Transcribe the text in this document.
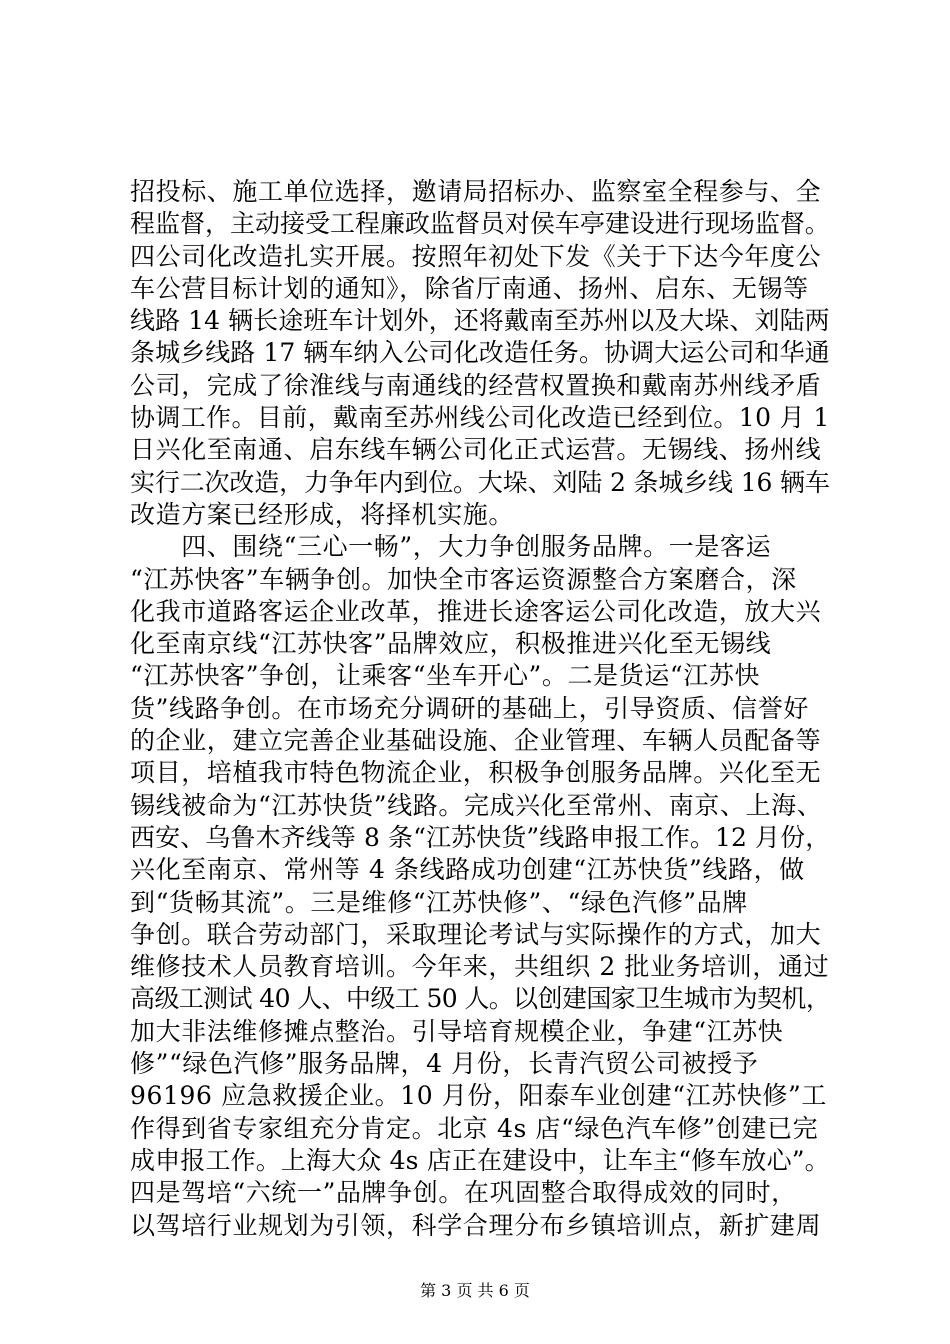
招投标、施工单位选择，邀请局招标办、监察室全程参与、全
程监督，主动接受工程廉政监督员对侯车亭建设进行现场监督。
四公司化改造扎实开展。按照年初处下发《关于下达今年度公
车公营目标计划的通知》，除省厅南通、扬州、启东、无锡等
线路 14 辆长途班车计划外，还将戴南至苏州以及大垛、刘陆两
条城乡线路 17 辆车纳入公司化改造任务。协调大运公司和华通
公司，完成了徐淮线与南通线的经营权置换和戴南苏州线矛盾
协调工作。目前，戴南至苏州线公司化改造已经到位。10 月 1
日兴化至南通、启东线车辆公司化正式运营。无锡线、扬州线
实行二次改造，力争年内到位。大垛、刘陆 2 条城乡线 16 辆车
改造方案已经形成，将择机实施。
　　四、围绕“三心一畅”，大力争创服务品牌。一是客运
“江苏快客”车辆争创。加快全市客运资源整合方案磨合，深
化我市道路客运企业改革，推进长途客运公司化改造，放大兴
化至南京线“江苏快客”品牌效应，积极推进兴化至无锡线
“江苏快客”争创，让乘客“坐车开心”。二是货运“江苏快
货”线路争创。在市场充分调研的基础上，引导资质、信誉好
的企业，建立完善企业基础设施、企业管理、车辆人员配备等
项目，培植我市特色物流企业，积极争创服务品牌。兴化至无
锡线被命为“江苏快货”线路。完成兴化至常州、南京、上海、
西安、乌鲁木齐线等 8 条“江苏快货”线路申报工作。12 月份，
兴化至南京、常州等 4 条线路成功创建“江苏快货”线路，做
到“货畅其流”。三是维修“江苏快修”、“绿色汽修”品牌
争创。联合劳动部门，采取理论考试与实际操作的方式，加大
维修技术人员教育培训。今年来，共组织 2 批业务培训，通过
高级工测试 40 人、中级工 50 人。以创建国家卫生城市为契机，
加大非法维修摊点整治。引导培育规模企业，争建“江苏快
修”“绿色汽修”服务品牌，4 月份，长青汽贸公司被授予
96196 应急救援企业。10 月份，阳泰车业创建“江苏快修”工
作得到省专家组充分肯定。北京 4s 店“绿色汽车修”创建已完
成申报工作。上海大众 4s 店正在建设中，让车主“修车放心”。
四是驾培“六统一”品牌争创。在巩固整合取得成效的同时，
以驾培行业规划为引领，科学合理分布乡镇培训点，新扩建周
第 3 页 共 6 页
